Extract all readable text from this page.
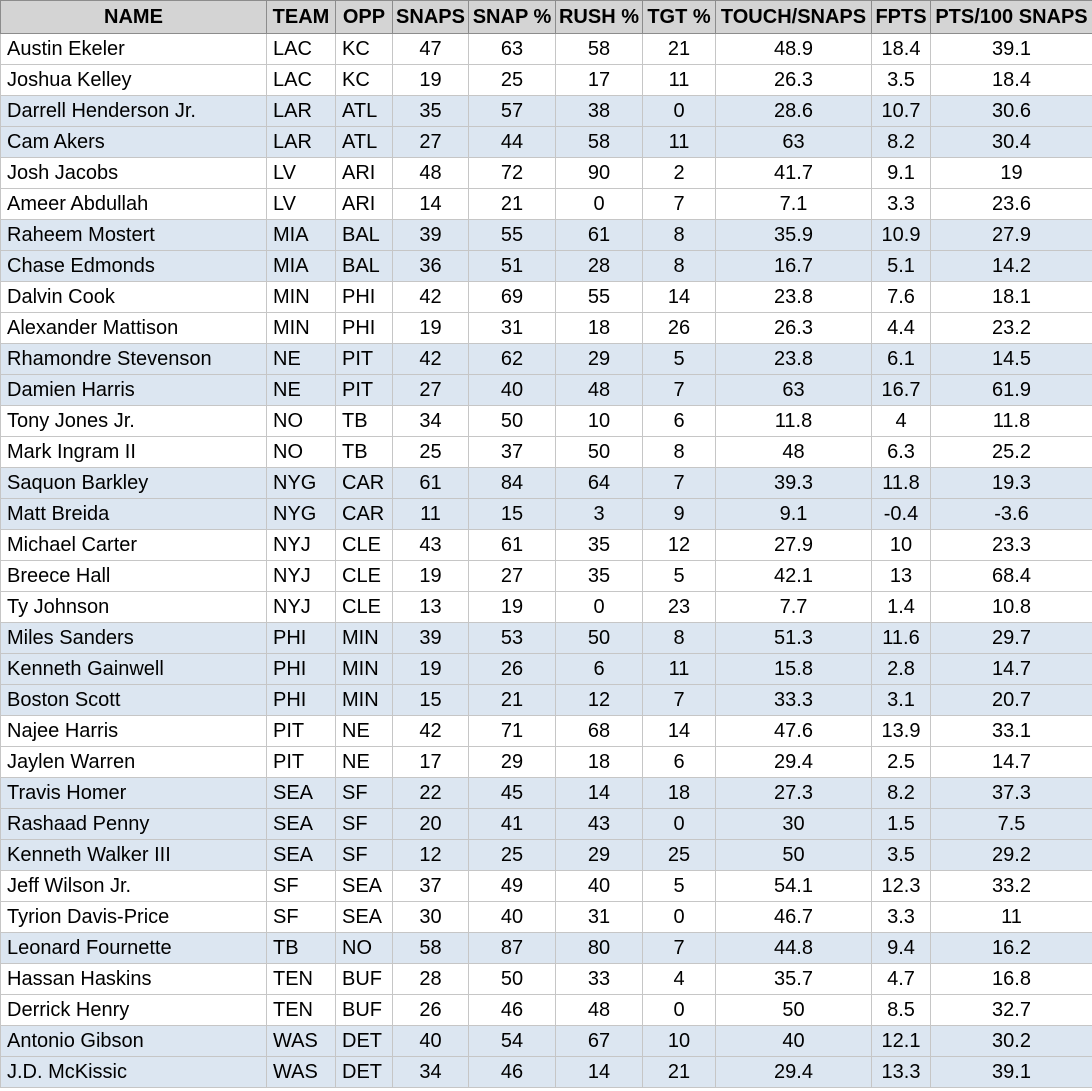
NAME	TEAM	OPP	SNAPS	SNAP %	RUSH %	TGT %	TOUCH/SNAPS	FPTS	PTS/100 SNAPS
Austin Ekeler	LAC	KC	47	63	58	21	48.9	18.4	39.1
Joshua Kelley	LAC	KC	19	25	17	11	26.3	3.5	18.4
Darrell Henderson Jr.	LAR	ATL	35	57	38	0	28.6	10.7	30.6
Cam Akers	LAR	ATL	27	44	58	11	63	8.2	30.4
Josh Jacobs	LV	ARI	48	72	90	2	41.7	9.1	19
Ameer Abdullah	LV	ARI	14	21	0	7	7.1	3.3	23.6
Raheem Mostert	MIA	BAL	39	55	61	8	35.9	10.9	27.9
Chase Edmonds	MIA	BAL	36	51	28	8	16.7	5.1	14.2
Dalvin Cook	MIN	PHI	42	69	55	14	23.8	7.6	18.1
Alexander Mattison	MIN	PHI	19	31	18	26	26.3	4.4	23.2
Rhamondre Stevenson	NE	PIT	42	62	29	5	23.8	6.1	14.5
Damien Harris	NE	PIT	27	40	48	7	63	16.7	61.9
Tony Jones Jr.	NO	TB	34	50	10	6	11.8	4	11.8
Mark Ingram II	NO	TB	25	37	50	8	48	6.3	25.2
Saquon Barkley	NYG	CAR	61	84	64	7	39.3	11.8	19.3
Matt Breida	NYG	CAR	11	15	3	9	9.1	-0.4	-3.6
Michael Carter	NYJ	CLE	43	61	35	12	27.9	10	23.3
Breece Hall	NYJ	CLE	19	27	35	5	42.1	13	68.4
Ty Johnson	NYJ	CLE	13	19	0	23	7.7	1.4	10.8
Miles Sanders	PHI	MIN	39	53	50	8	51.3	11.6	29.7
Kenneth Gainwell	PHI	MIN	19	26	6	11	15.8	2.8	14.7
Boston Scott	PHI	MIN	15	21	12	7	33.3	3.1	20.7
Najee Harris	PIT	NE	42	71	68	14	47.6	13.9	33.1
Jaylen Warren	PIT	NE	17	29	18	6	29.4	2.5	14.7
Travis Homer	SEA	SF	22	45	14	18	27.3	8.2	37.3
Rashaad Penny	SEA	SF	20	41	43	0	30	1.5	7.5
Kenneth Walker III	SEA	SF	12	25	29	25	50	3.5	29.2
Jeff Wilson Jr.	SF	SEA	37	49	40	5	54.1	12.3	33.2
Tyrion Davis-Price	SF	SEA	30	40	31	0	46.7	3.3	11
Leonard Fournette	TB	NO	58	87	80	7	44.8	9.4	16.2
Hassan Haskins	TEN	BUF	28	50	33	4	35.7	4.7	16.8
Derrick Henry	TEN	BUF	26	46	48	0	50	8.5	32.7
Antonio Gibson	WAS	DET	40	54	67	10	40	12.1	30.2
J.D. McKissic	WAS	DET	34	46	14	21	29.4	13.3	39.1
